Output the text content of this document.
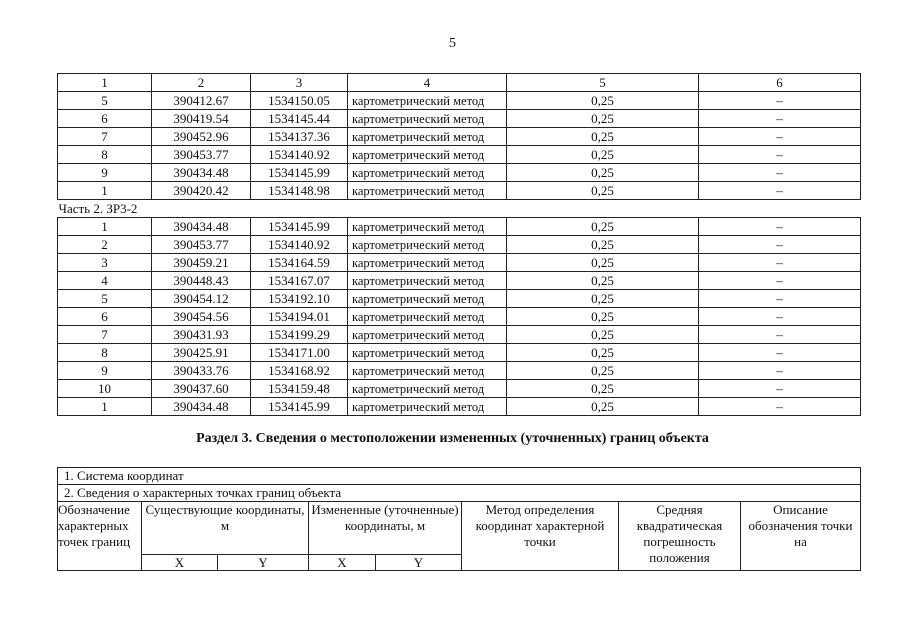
5
1	2	3	4	5	6
5	390412.67	1534150.05	картометрический метод	0,25	–
6	390419.54	1534145.44	картометрический метод	0,25	–
7	390452.96	1534137.36	картометрический метод	0,25	–
8	390453.77	1534140.92	картометрический метод	0,25	–
9	390434.48	1534145.99	картометрический метод	0,25	–
1	390420.42	1534148.98	картометрический метод	0,25	–
Часть 2. ЗР3-2					
1	390434.48	1534145.99	картометрический метод	0,25	–
2	390453.77	1534140.92	картометрический метод	0,25	–
3	390459.21	1534164.59	картометрический метод	0,25	–
4	390448.43	1534167.07	картометрический метод	0,25	–
5	390454.12	1534192.10	картометрический метод	0,25	–
6	390454.56	1534194.01	картометрический метод	0,25	–
7	390431.93	1534199.29	картометрический метод	0,25	–
8	390425.91	1534171.00	картометрический метод	0,25	–
9	390433.76	1534168.92	картометрический метод	0,25	–
10	390437.60	1534159.48	картометрический метод	0,25	–
1	390434.48	1534145.99	картометрический метод	0,25	–
Раздел 3. Сведения о местоположении измененных (уточненных) границ объекта
1. Система координат							
2. Сведения о характерных точках границ объекта							
Обозначение характерных точек границ	Существующие координаты, м		Измененные (уточненные) координаты, м		Метод определения координат характерной точки	Средняя квадратическая погрешность положения	Описание обозначения точки на
	X	Y	X	Y			
